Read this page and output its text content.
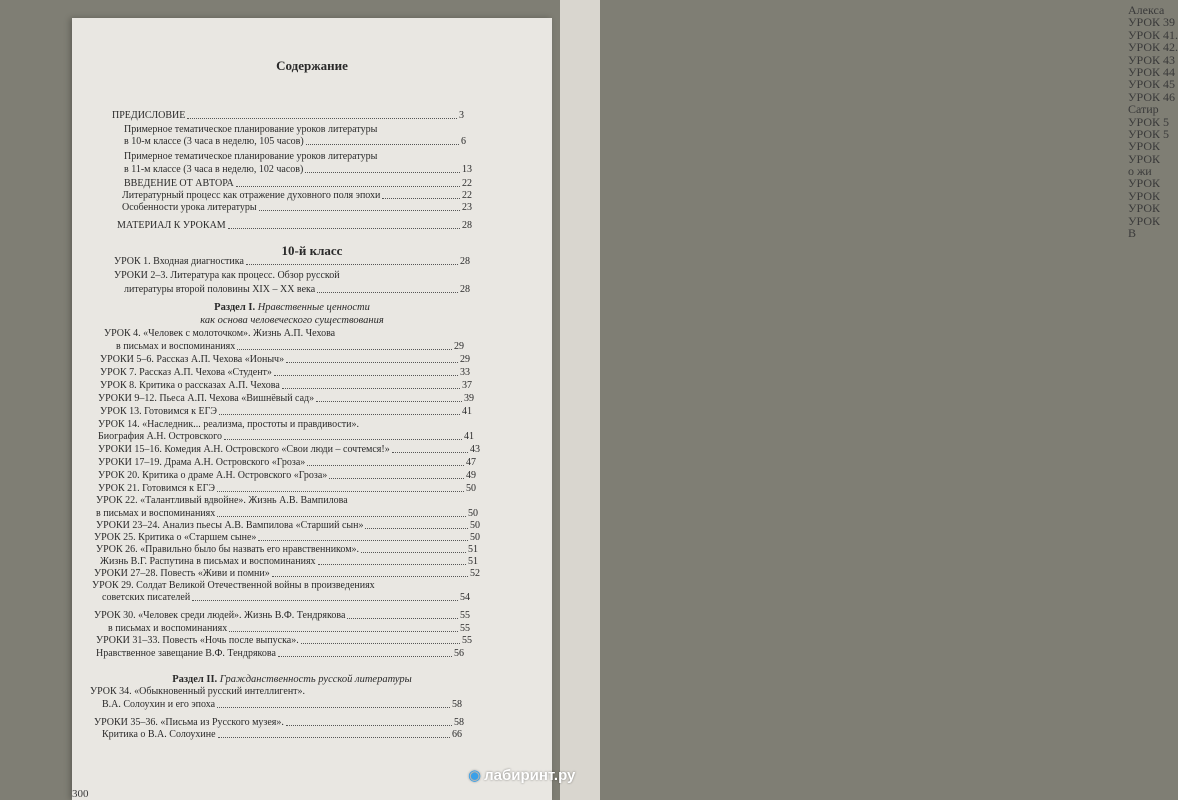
Алекса
УРОК 39
УРОК 41.
УРОК 42.
УРОК 43
УРОК 44
УРОК 45
УРОК 46
Сатир
УРОК 5
УРОК 5
УРОК
УРОК
о жи
УРОК
УРОК
УРОК
УРОК
В
Содержание
ПРЕДИСЛОВИЕ	3
Примерное тематическое планирование уроков литературы
в 10-м классе (3 часа в неделю, 105 часов)	6
Примерное тематическое планирование уроков литературы
в 11-м классе (3 часа в неделю, 102 часов)	13
ВВЕДЕНИЕ ОТ АВТОРА	22
Литературный процесс как отражение духовного поля эпохи	22
Особенности урока литературы	23
МАТЕРИАЛ К УРОКАМ	28
10-й класс
УРОК 1. Входная диагностика	28
УРОКИ 2–3. Литература как процесс. Обзор русской
литературы второй половины XIX – XX века	28
Раздел I. Нравственные ценности
как основа человеческого существования
УРОК 4. «Человек с молоточком». Жизнь А.П. Чехова
в письмах и воспоминаниях	29
УРОКИ 5–6. Рассказ А.П. Чехова «Ионыч»	29
УРОК 7. Рассказ А.П. Чехова «Студент»	33
УРОК 8. Критика о рассказах А.П. Чехова	37
УРОКИ 9–12. Пьеса А.П. Чехова «Вишнёвый сад»	39
УРОК 13. Готовимся к ЕГЭ	41
УРОК 14. «Наследник... реализма, простоты и правдивости».
Биография А.Н. Островского	41
УРОКИ 15–16. Комедия А.Н. Островского «Свои люди – сочтемся!»	43
УРОКИ 17–19. Драма А.Н. Островского «Гроза»	47
УРОК 20. Критика о драме А.Н. Островского «Гроза»	49
УРОК 21. Готовимся к ЕГЭ	50
УРОК 22. «Талантливый вдвойне». Жизнь А.В. Вампилова
в письмах и воспоминаниях	50
УРОКИ 23–24. Анализ пьесы А.В. Вампилова «Старший сын»	50
УРОК 25. Критика о «Старшем сыне»	50
УРОК 26. «Правильно было бы назвать его нравственником».	51
Жизнь В.Г. Распутина в письмах и воспоминаниях	51
УРОКИ 27–28. Повесть «Живи и помни»	52
УРОК 29. Солдат Великой Отечественной войны в произведениях
советских писателей	54
УРОК 30. «Человек среди людей». Жизнь В.Ф. Тендрякова	55
в письмах и воспоминаниях	55
УРОКИ 31–33. Повесть «Ночь после выпуска».	55
Нравственное завещание В.Ф. Тендрякова	56
Раздел II. Гражданственность русской литературы
УРОК 34. «Обыкновенный русский интеллигент».
В.А. Солоухин и его эпоха	58
УРОКИ 35–36. «Письма из Русского музея».	58
Критика о В.А. Солоухине	66
300
◉ лабиринт.ру
